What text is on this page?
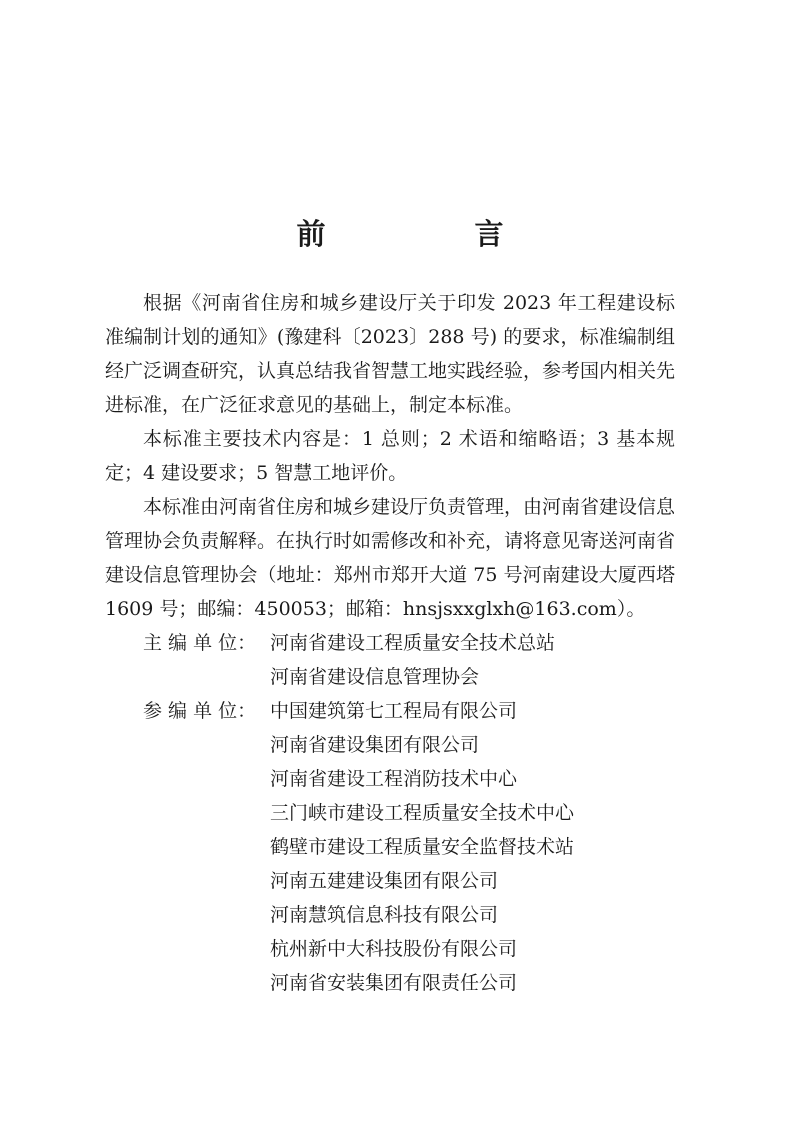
前　言

根据《河南省住房和城乡建设厅关于印发 2023 年工程建设标准编制计划的通知》(豫建科〔2023〕288 号) 的要求，标准编制组经广泛调查研究，认真总结我省智慧工地实践经验，参考国内相关先进标准，在广泛征求意见的基础上，制定本标准。

本标准主要技术内容是：1 总则；2 术语和缩略语；3 基本规定；4 建设要求；5 智慧工地评价。

本标准由河南省住房和城乡建设厅负责管理，由河南省建设信息管理协会负责解释。在执行时如需修改和补充，请将意见寄送河南省建设信息管理协会（地址：郑州市郑开大道 75 号河南建设大厦西塔 1609 号；邮编：450053；邮箱：hnsjsxxglxh@163.com）。

主 编 单 位： 河南省建设工程质量安全技术总站
河南省建设信息管理协会
参 编 单 位： 中国建筑第七工程局有限公司
河南省建设集团有限公司
河南省建设工程消防技术中心
三门峡市建设工程质量安全技术中心
鹤壁市建设工程质量安全监督技术站
河南五建建设集团有限公司
河南慧筑信息科技有限公司
杭州新中大科技股份有限公司
河南省安装集团有限责任公司
